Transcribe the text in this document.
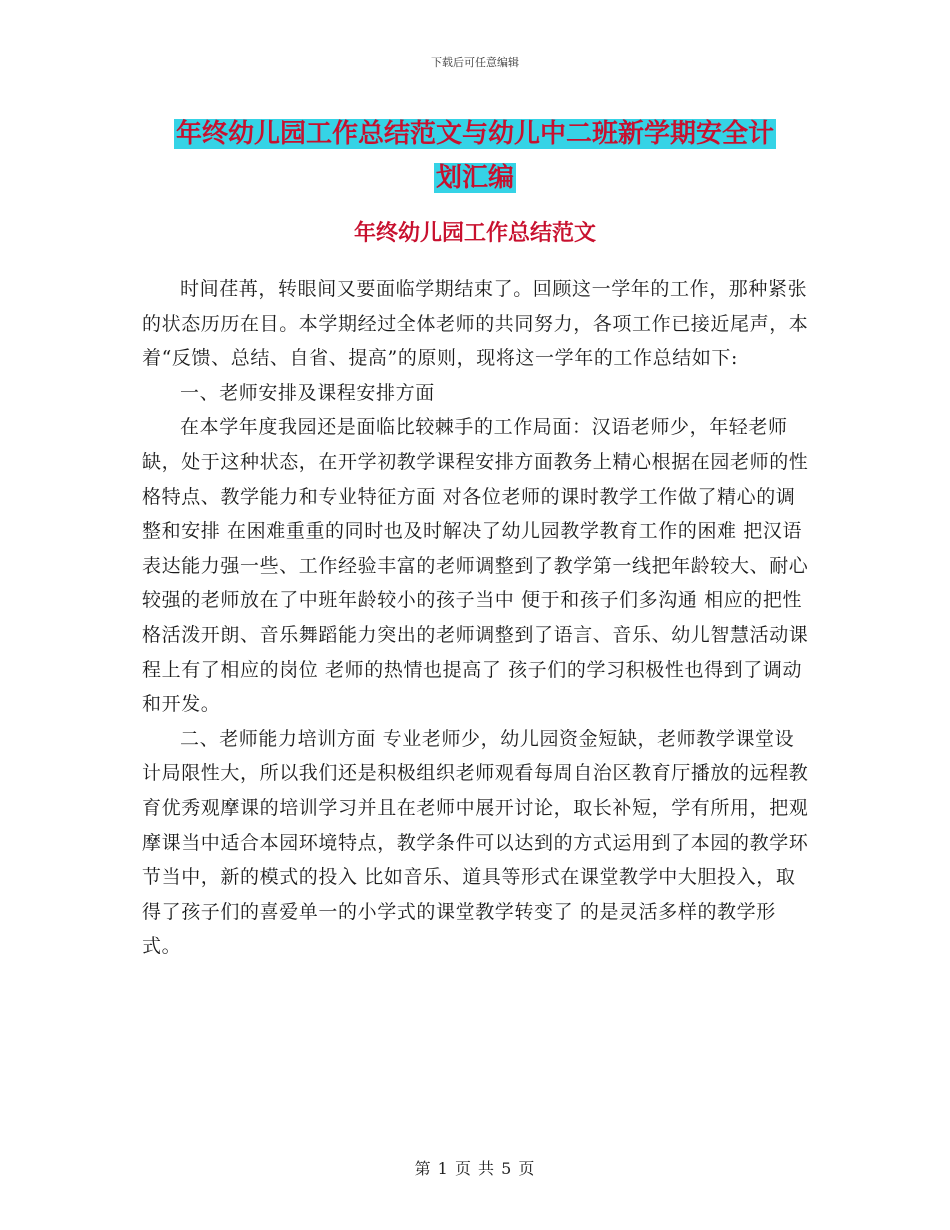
下载后可任意编辑
年终幼儿园工作总结范文与幼儿中二班新学期安全计
划汇编
年终幼儿园工作总结范文

时间荏苒，转眼间又要面临学期结束了。回顾这一学年的工作，那种紧张的状态历历在目。本学期经过全体老师的共同努力，各项工作已接近尾声，本着“反馈、总结、自省、提高”的原则，现将这一学年的工作总结如下:

一、老师安排及课程安排方面

在本学年度我园还是面临比较棘手的工作局面：汉语老师少，年轻老师缺，处于这种状态，在开学初教学课程安排方面教务上精心根据在园老师的性格特点、教学能力和专业特征方面 对各位老师的课时教学工作做了精心的调整和安排 在困难重重的同时也及时解决了幼儿园教学教育工作的困难 把汉语表达能力强一些、工作经验丰富的老师调整到了教学第一线把年龄较大、耐心较强的老师放在了中班年龄较小的孩子当中 便于和孩子们多沟通 相应的把性格活泼开朗、音乐舞蹈能力突出的老师调整到了语言、音乐、幼儿智慧活动课程上有了相应的岗位 老师的热情也提高了 孩子们的学习积极性也得到了调动和开发。

二、老师能力培训方面 专业老师少，幼儿园资金短缺，老师教学课堂设计局限性大，所以我们还是积极组织老师观看每周自治区教育厅播放的远程教育优秀观摩课的培训学习并且在老师中展开讨论，取长补短，学有所用，把观摩课当中适合本园环境特点，教学条件可以达到的方式运用到了本园的教学环节当中，新的模式的投入 比如音乐、道具等形式在课堂教学中大胆投入，取得了孩子们的喜爱单一的小学式的课堂教学转变了 的是灵活多样的教学形式。

第 1 页 共 5 页
